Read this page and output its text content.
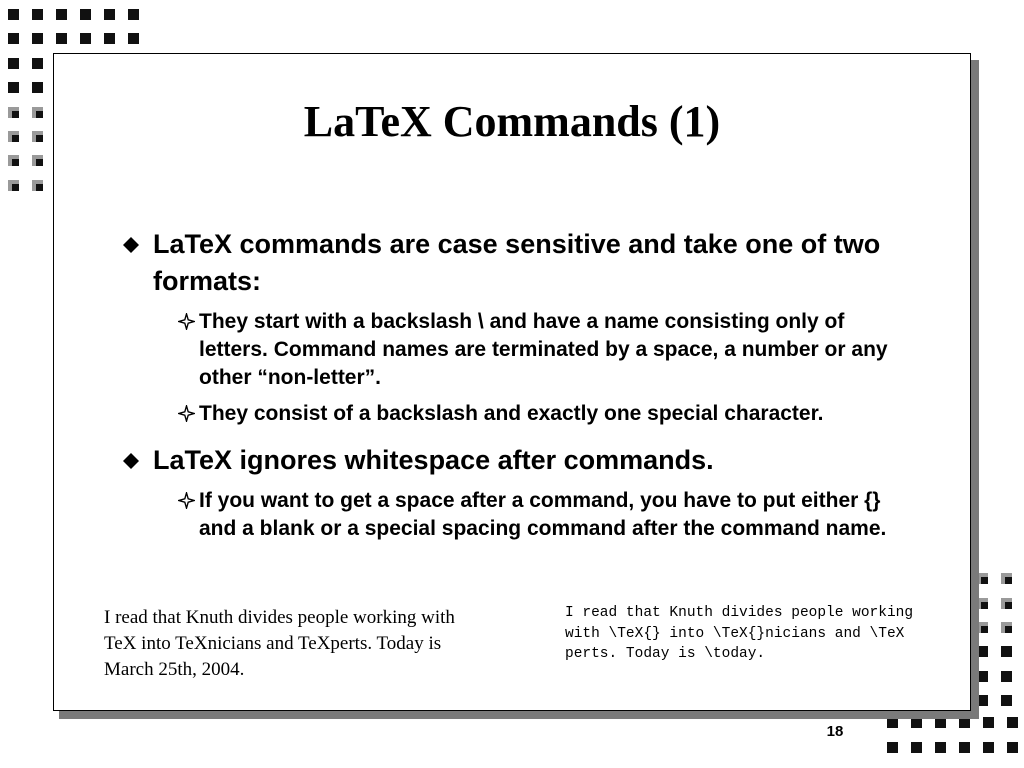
LaTeX Commands (1)
LaTeX commands are case sensitive and take one of two formats:
They start with a backslash \ and have a name consisting only of letters. Command names are terminated by a space, a number or any other “non-letter”.
They consist of a backslash and exactly one special character.
LaTeX ignores whitespace after commands.
If you want to get a space after a command, you have to put either {} and a blank or a special spacing command after the command name.
I read that Knuth divides people working with TeX into TeXnicians and TeXperts. Today is March 25th, 2004.
I read that Knuth divides people working with \TeX{} into \TeX{}nicians and \TeX perts. Today is \today.
18
